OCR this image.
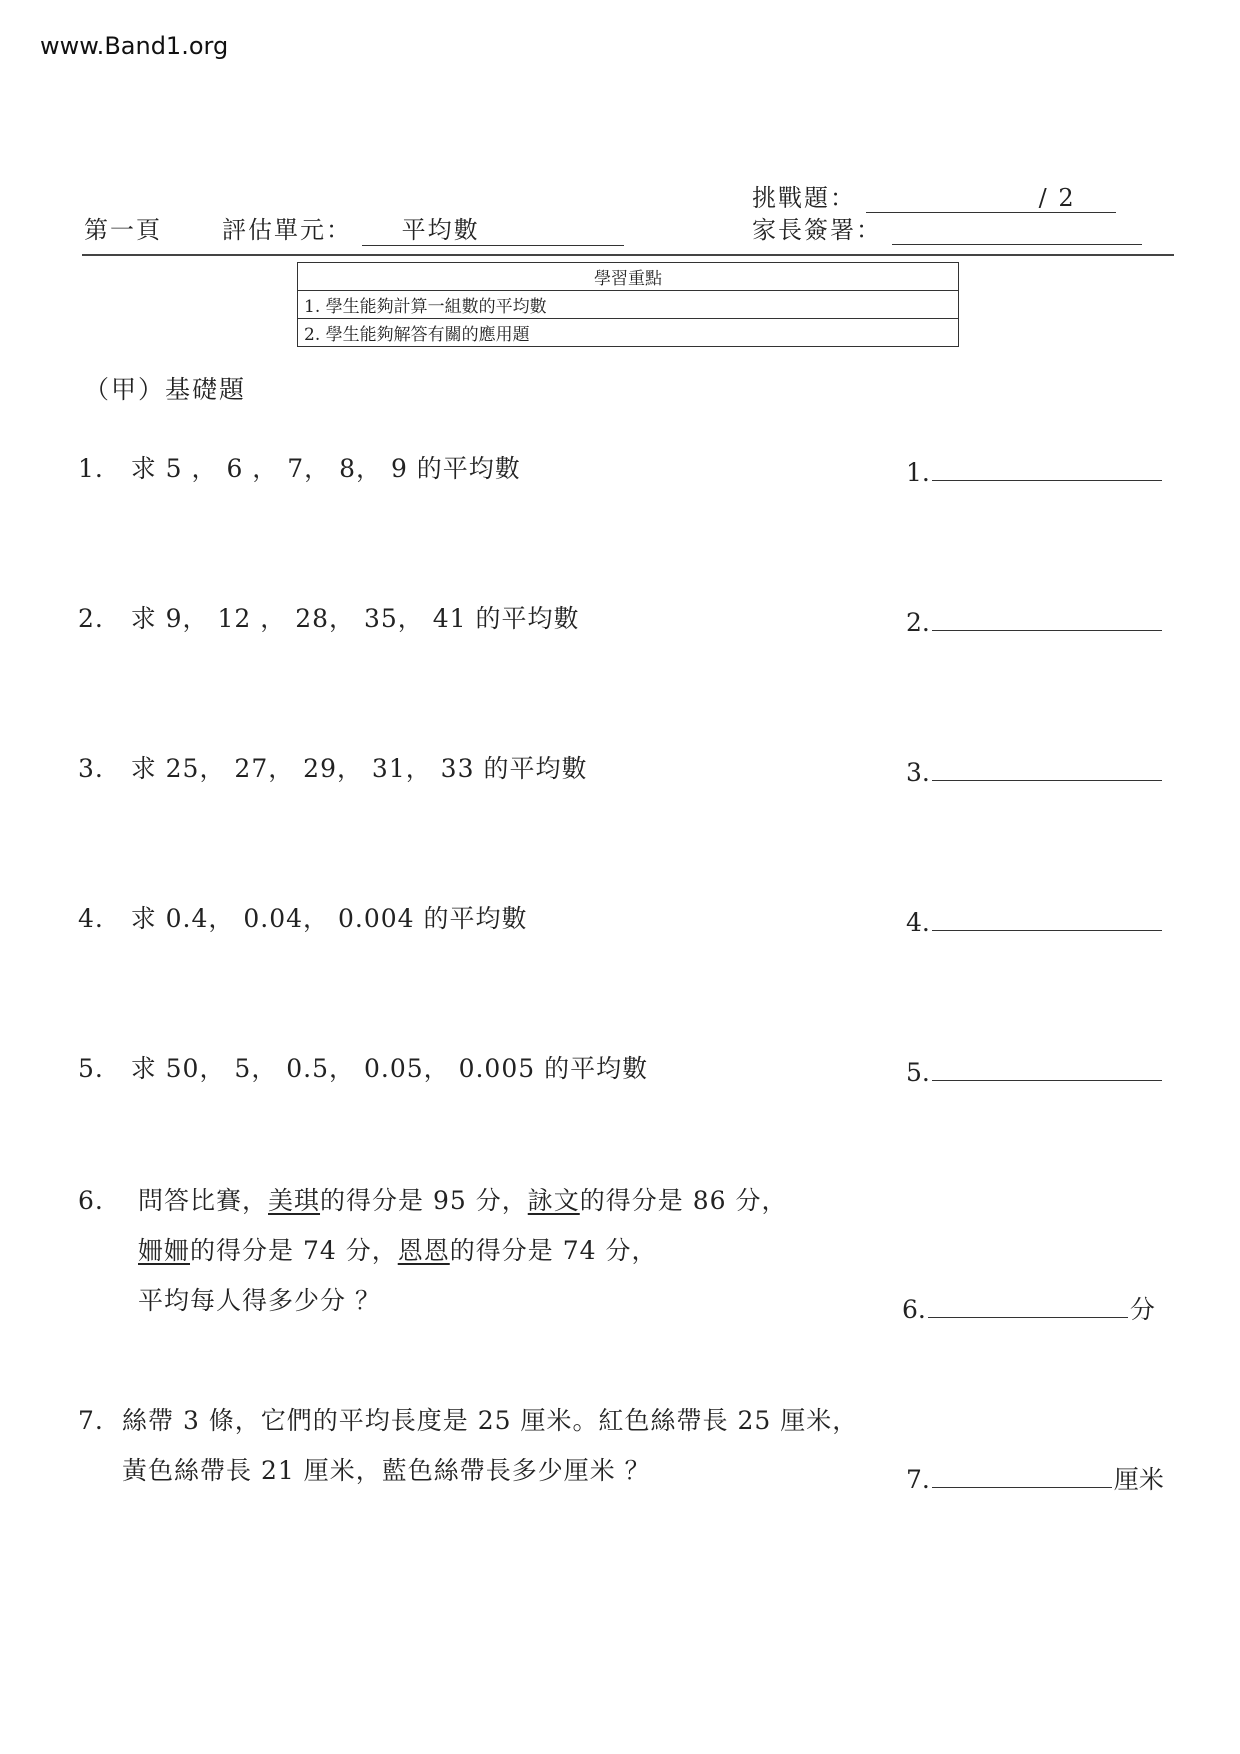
www.Band1.org
挑戰題：	/ 2
第一頁	評估單元： 平均數	家長簽署：
學習重點
1. 學生能夠計算一組數的平均數
2. 學生能夠解答有關的應用題
（甲）基礎題
1. 求 5 ， 6 ， 7， 8， 9 的平均數	1.
2. 求 9， 12 ， 28， 35， 41 的平均數	2.
3. 求 25， 27， 29， 31， 33 的平均數	3.
4. 求 0.4， 0.04， 0.004 的平均數	4.
5. 求 50， 5， 0.5， 0.05， 0.005 的平均數	5.
6. 問答比賽，美琪的得分是 95 分，詠文的得分是 86 分，
姍姍的得分是 74 分，恩恩的得分是 74 分，
平均每人得多少分 ？	6.	分
7. 絲帶 3 條，它們的平均長度是 25 厘米。紅色絲帶長 25 厘米，
黃色絲帶長 21 厘米，藍色絲帶長多少厘米 ？	7.	厘米
